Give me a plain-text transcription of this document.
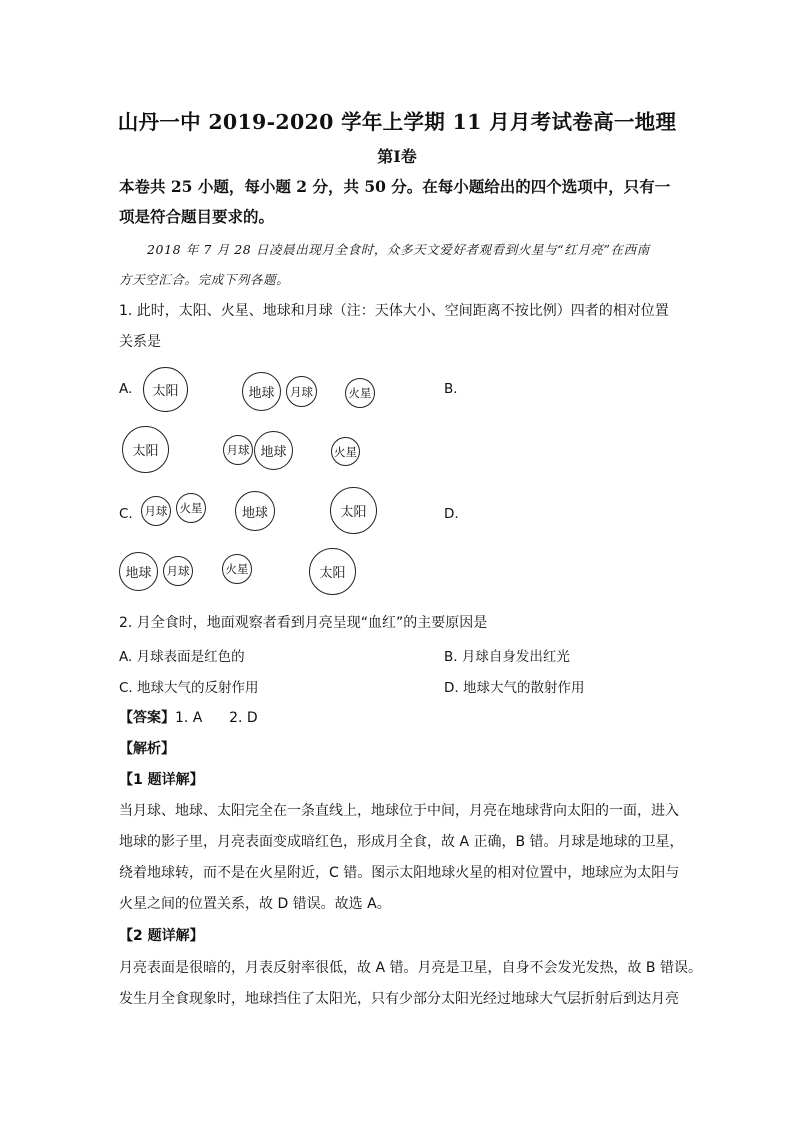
山丹一中 2019-2020 学年上学期 11 月月考试卷高一地理
第Ⅰ卷
本卷共 25 小题，每小题 2 分，共 50 分。在每小题给出的四个选项中，只有一
项是符合题目要求的。
2018 年 7 月 28 日凌晨出现月全食时，众多天文爱好者观看到火星与“红月亮”在西南
方天空汇合。完成下列各题。
1. 此时，太阳、火星、地球和月球（注：天体大小、空间距离不按比例）四者的相对位置
关系是
A.	太阳	地球	月球	火星	B.
太阳	月球 地球	火星
C.	月球	火星	地球	太阳	D.
地球	月球	火星	太阳
2. 月全食时，地面观察者看到月亮呈现“血红”的主要原因是
A. 月球表面是红色的	B. 月球自身发出红光
C. 地球大气的反射作用	D. 地球大气的散射作用
【答案】1. A      2. D
【解析】
【1 题详解】
当月球、地球、太阳完全在一条直线上，地球位于中间，月亮在地球背向太阳的一面，进入
地球的影子里，月亮表面变成暗红色，形成月全食，故 A 正确，B 错。月球是地球的卫星，
绕着地球转，而不是在火星附近，C 错。图示太阳地球火星的相对位置中，地球应为太阳与
火星之间的位置关系，故 D 错误。故选 A。
【2 题详解】
月亮表面是很暗的，月表反射率很低，故 A 错。月亮是卫星，自身不会发光发热，故 B 错误。
发生月全食现象时，地球挡住了太阳光，只有少部分太阳光经过地球大气层折射后到达月亮
